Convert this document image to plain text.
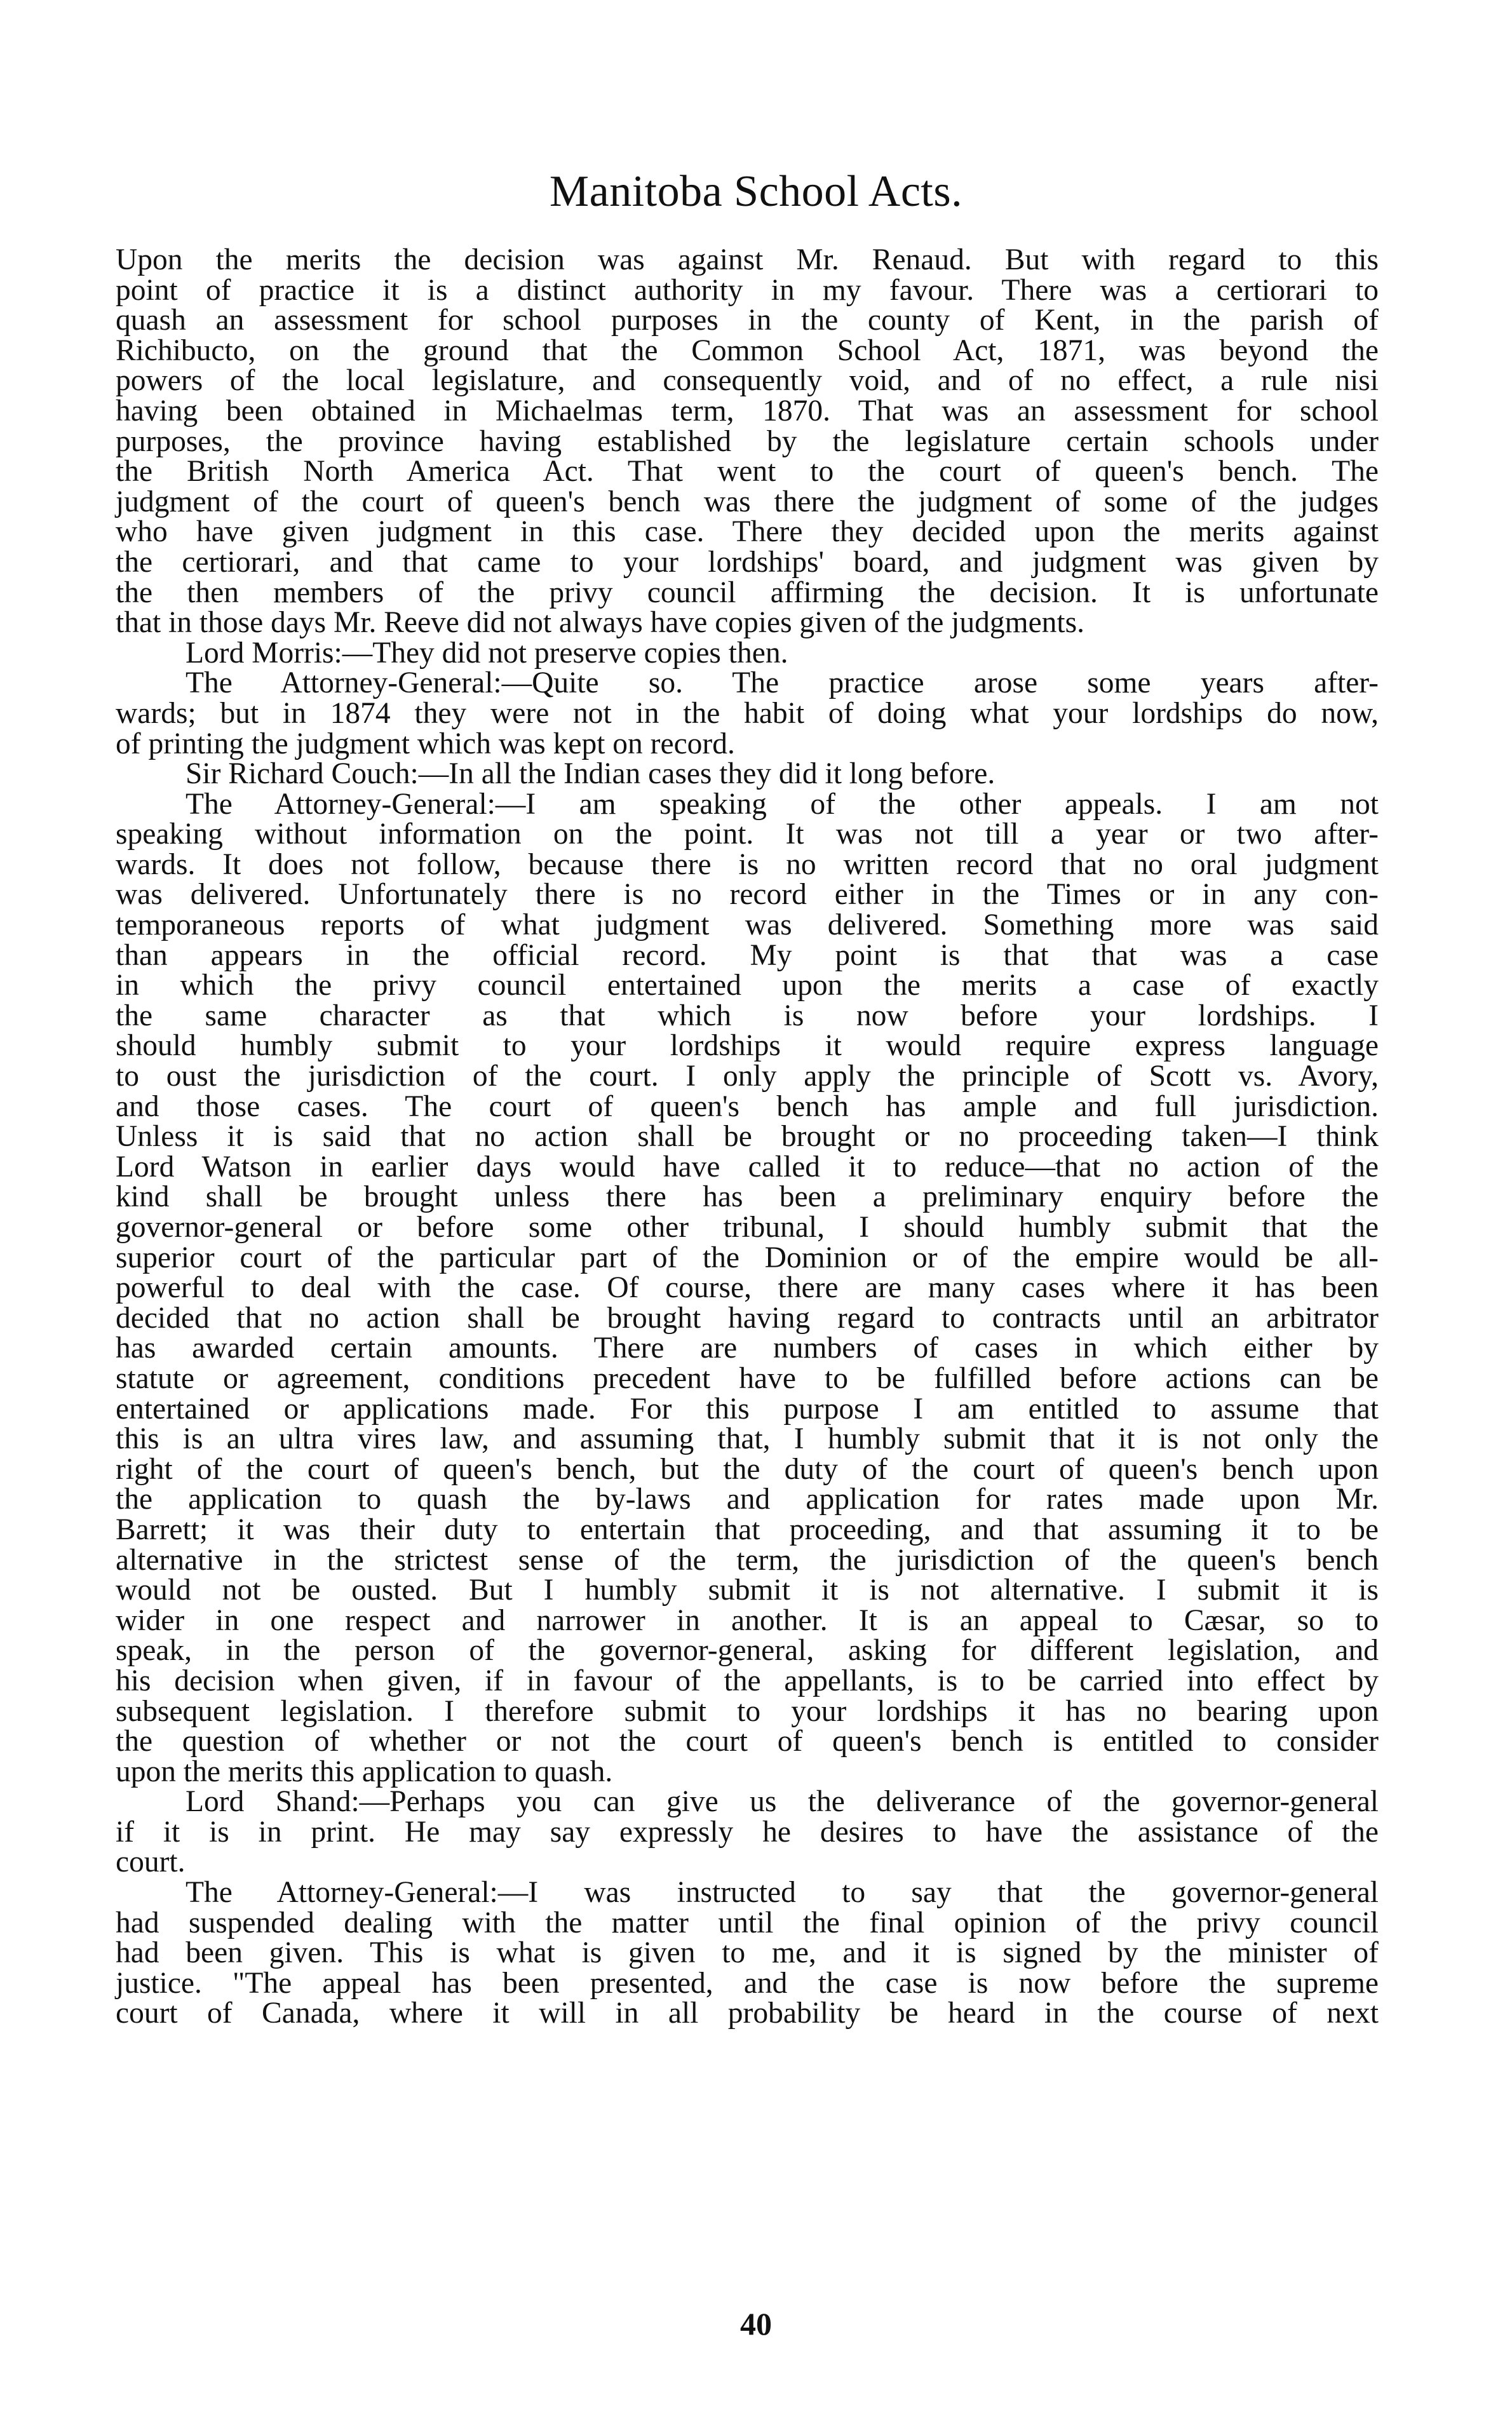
Manitoba School Acts.
Upon the merits the decision was against Mr. Renaud. But with regard to this
point of practice it is a distinct authority in my favour. There was a certiorari to
quash an assessment for school purposes in the county of Kent, in the parish of
Richibucto, on the ground that the Common School Act, 1871, was beyond the
powers of the local legislature, and consequently void, and of no effect, a rule nisi
having been obtained in Michaelmas term, 1870. That was an assessment for school
purposes, the province having established by the legislature certain schools under
the British North America Act. That went to the court of queen's bench. The
judgment of the court of queen's bench was there the judgment of some of the judges
who have given judgment in this case. There they decided upon the merits against
the certiorari, and that came to your lordships' board, and judgment was given by
the then members of the privy council affirming the decision. It is unfortunate
that in those days Mr. Reeve did not always have copies given of the judgments.
Lord Morris:—They did not preserve copies then.
The Attorney-General:—Quite so. The practice arose some years after-
wards; but in 1874 they were not in the habit of doing what your lordships do now,
of printing the judgment which was kept on record.
Sir Richard Couch:—In all the Indian cases they did it long before.
The Attorney-General:—I am speaking of the other appeals. I am not
speaking without information on the point. It was not till a year or two after-
wards. It does not follow, because there is no written record that no oral judgment
was delivered. Unfortunately there is no record either in the Times or in any con-
temporaneous reports of what judgment was delivered. Something more was said
than appears in the official record. My point is that that was a case
in which the privy council entertained upon the merits a case of exactly
the same character as that which is now before your lordships. I
should humbly submit to your lordships it would require express language
to oust the jurisdiction of the court. I only apply the principle of Scott vs. Avory,
and those cases. The court of queen's bench has ample and full jurisdiction.
Unless it is said that no action shall be brought or no proceeding taken—I think
Lord Watson in earlier days would have called it to reduce—that no action of the
kind shall be brought unless there has been a preliminary enquiry before the
governor-general or before some other tribunal, I should humbly submit that the
superior court of the particular part of the Dominion or of the empire would be all-
powerful to deal with the case. Of course, there are many cases where it has been
decided that no action shall be brought having regard to contracts until an arbitrator
has awarded certain amounts. There are numbers of cases in which either by
statute or agreement, conditions precedent have to be fulfilled before actions can be
entertained or applications made. For this purpose I am entitled to assume that
this is an ultra vires law, and assuming that, I humbly submit that it is not only the
right of the court of queen's bench, but the duty of the court of queen's bench upon
the application to quash the by-laws and application for rates made upon Mr.
Barrett; it was their duty to entertain that proceeding, and that assuming it to be
alternative in the strictest sense of the term, the jurisdiction of the queen's bench
would not be ousted. But I humbly submit it is not alternative. I submit it is
wider in one respect and narrower in another. It is an appeal to Cæsar, so to
speak, in the person of the governor-general, asking for different legislation, and
his decision when given, if in favour of the appellants, is to be carried into effect by
subsequent legislation. I therefore submit to your lordships it has no bearing upon
the question of whether or not the court of queen's bench is entitled to consider
upon the merits this application to quash.
Lord Shand:—Perhaps you can give us the deliverance of the governor-general
if it is in print. He may say expressly he desires to have the assistance of the
court.
The Attorney-General:—I was instructed to say that the governor-general
had suspended dealing with the matter until the final opinion of the privy council
had been given. This is what is given to me, and it is signed by the minister of
justice. "The appeal has been presented, and the case is now before the supreme
court of Canada, where it will in all probability be heard in the course of next
40
